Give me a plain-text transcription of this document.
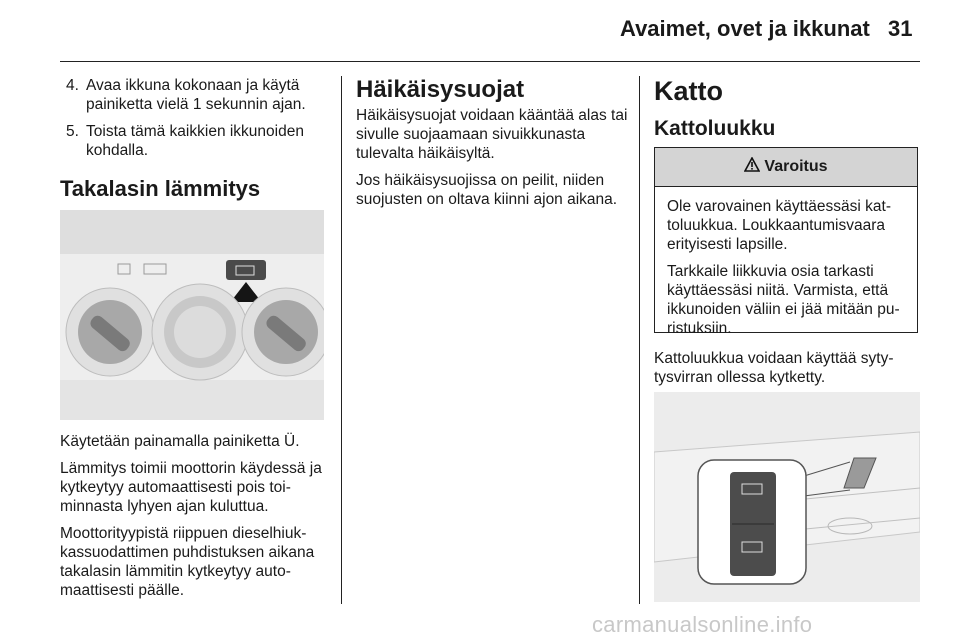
Avaimet, ovet ja ikkunat 31
4. Avaa ikkuna kokonaan ja käytä painiketta vielä 1 sekunnin ajan.
5. Toista tämä kaikkien ikkunoiden kohdalla.
Takalasin lämmitys

Käytetään painamalla painiketta Ü.

Lämmitys toimii moottorin käydessä ja kytkeytyy automaattisesti pois toiminnasta lyhyen ajan kuluttua.

Moottorityypistä riippuen dieselhiukkassuodattimen puhdistuksen aikana takalasin lämmitin kytkeytyy automaattisesti päälle.

Häikäisysuojat

Häikäisysuojat voidaan kääntää alas tai sivulle suojaamaan sivuikkunasta tulevalta häikäisyltä.

Jos häikäisysuojissa on peilit, niiden suojusten on oltava kiinni ajon aikana.

Katto
Kattoluukku
Varoitus

Ole varovainen käyttäessäsi kattoluukkua. Loukkaantumisvaara erityisesti lapsille.

Tarkkaile liikkuvia osia tarkasti käyttäessäsi niitä. Varmista, että ikkunoiden väliin ei jää mitään puristuksiin.

Kattoluukkua voidaan käyttää sytytysvirran ollessa kytketty.

carmanualsonline.info
